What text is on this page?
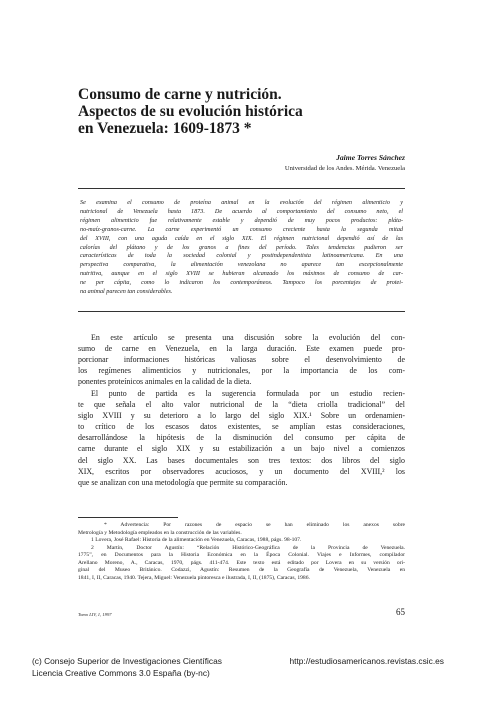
Consumo de carne y nutrición.
Aspectos de su evolución histórica
en Venezuela: 1609-1873 *
Jaime Torres Sánchez
Universidad de los Andes. Mérida. Venezuela
Se examina el consumo de proteína animal en la evolución del régimen alimenticio y
nutricional de Venezuela hasta 1873. De acuerdo al comportamiento del consumo neto, el
régimen alimenticio fue relativamente estable y dependió de muy pocos productos: pláta-
no-maíz-granos-carne. La carne experimentó un consumo creciente hasta la segunda mitad
del XVIII, con una aguda caída en el siglo XIX. El régimen nutricional dependió así de las
calorías del plátano y de los granos a fines del período. Tales tendencias pudieron ser
características de toda la sociedad colonial y postindependentista latinoamericana. En una
perspectiva comparativa, la alimentación venezolana no aparece tan excepcionalmente
nutritiva, aunque en el siglo XVIII se hubieran alcanzado los máximos de consumo de car-
ne per cápita, como lo indicaron los contemporáneos. Tampoco los porcentajes de protei-
na animal parecen tan considerables.
En este artículo se presenta una discusión sobre la evolución del con-
sumo de carne en Venezuela, en la larga duración. Este examen puede pro-
porcionar informaciones históricas valiosas sobre el desenvolvimiento de
los regímenes alimenticios y nutricionales, por la importancia de los com-
ponentes proteínicos animales en la calidad de la dieta.
El punto de partida es la sugerencia formulada por un estudio recien-
te que señala el alto valor nutricional de la “dieta criolla tradicional” del
siglo XVIII y su deterioro a lo largo del siglo XIX.¹ Sobre un ordenamien-
to crítico de los escasos datos existentes, se amplían estas consideraciones,
desarrollándose la hipótesis de la disminución del consumo per cápita de
carne durante el siglo XIX y su estabilización a un bajo nivel a comienzos
del siglo XX. Las bases documentales son tres textos: dos libros del siglo
XIX, escritos por observadores acuciosos, y un documento del XVIII,² los
que se analizan con una metodología que permite su comparación.
* Advertencia: Por razones de espacio se han eliminado los anexos sobre
Metrología y Metodología empleados en la construcción de las variables.
1 Lovera, José Rafael: Historia de la alimentación en Venezuela, Caracas, 1988, págs. 98-107.
2 Martín, Doctor Agustín: “Relación Histórico-Geográfica de la Provincia de Venezuela.
1775”, en Documentos para la Historia Económica en la Época Colonial. Viajes e Informes, compilador
Arellano Moreno, A., Caracas, 1970, págs. 411-474. Este texto está editado por Lovera en su versión ori-
ginal del Museo Británico. Codazzi, Agustín: Resumen de la Geografía de Venezuela, Venezuela en
1841, I, II, Caracas, 1940. Tejera, Miguel: Venezuela pintoresca e ilustrada, I, II, (1875), Caracas, 1986.
Tomo LIV, 1, 1997	65
(c) Consejo Superior de Investigaciones Científicas
Licencia Creative Commons 3.0 España (by-nc)
http://estudiosamericanos.revistas.csic.es
